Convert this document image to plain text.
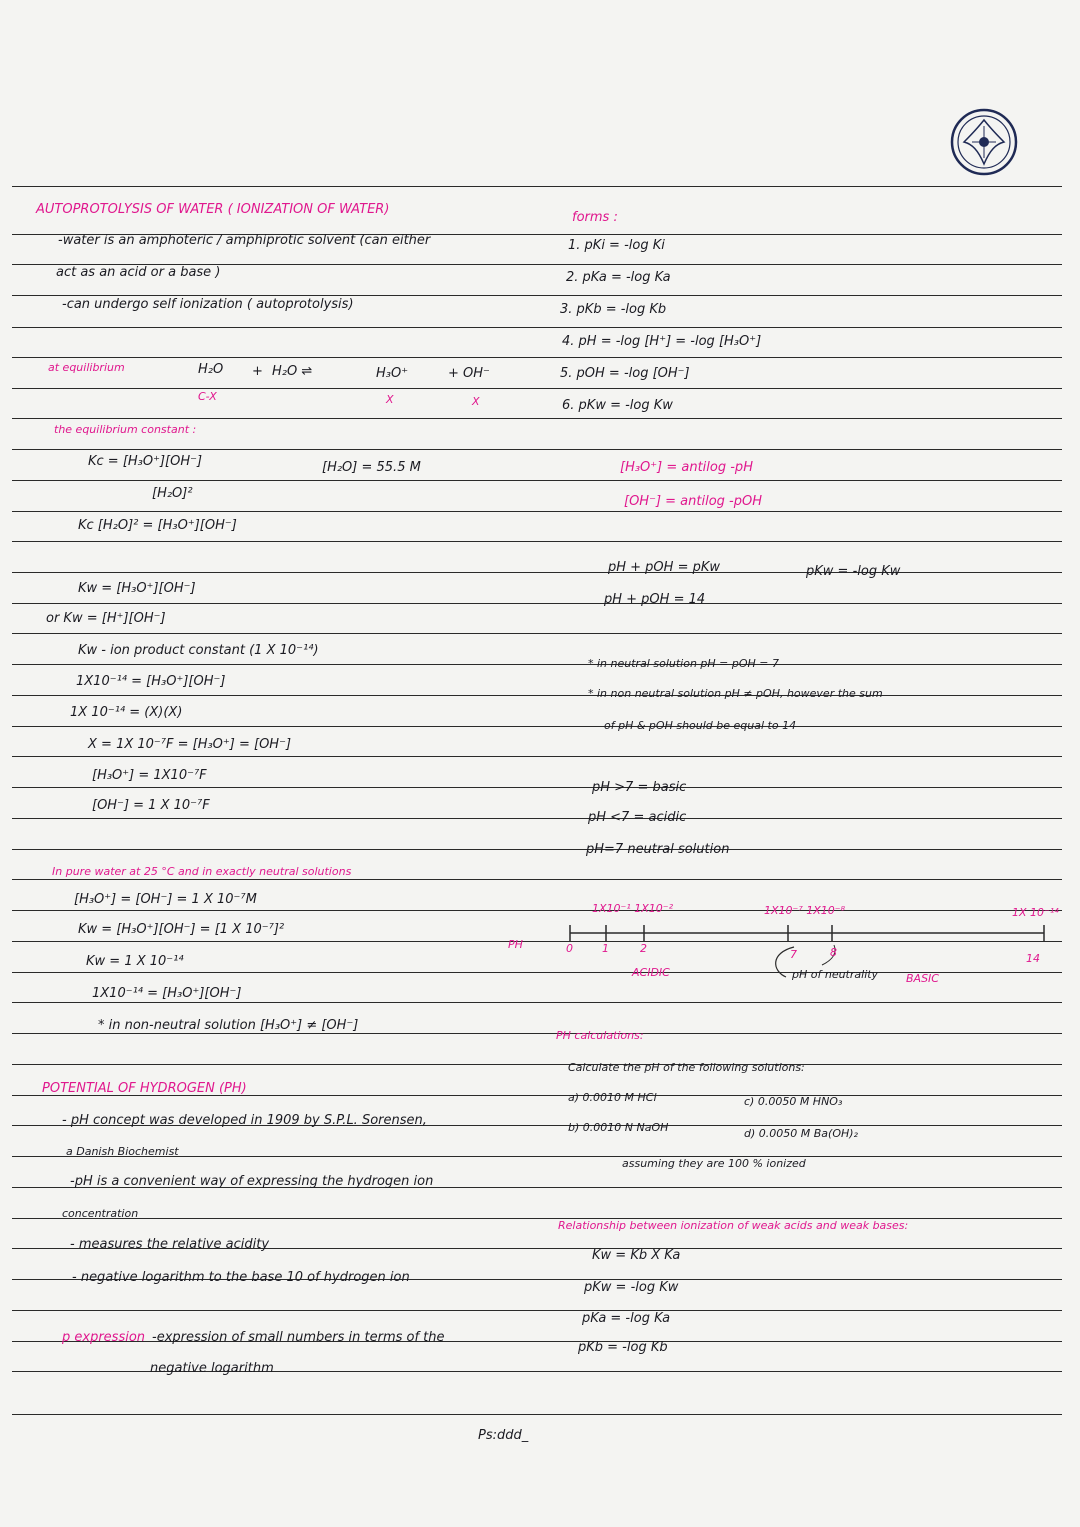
AUTOPROTOLYSIS OF WATER ( IONIZATION OF WATER)
-water is an amphoteric / amphiprotic solvent (can either
act as an acid or a base )
-can undergo self ionization ( autoprotolysis)
at equilibrium	H₂O + H₂O ⇌	H₃O⁺	+ OH⁻
C-X	X	X
the equilibrium constant :
Kc = [H₃O⁺][OH⁻]
[H₂O]²
[H₂O] = 55.5 M
Kc [H₂O]² = [H₃O⁺][OH⁻]
Kw = [H₃O⁺][OH⁻]
or Kw = [H⁺][OH⁻]
Kw - ion product constant (1 X 10⁻¹⁴)
1X10⁻¹⁴ = [H₃O⁺][OH⁻]
1X 10⁻¹⁴ = (X)(X)
X = 1X 10⁻⁷F = [H₃O⁺] = [OH⁻]
[H₃O⁺] = 1X10⁻⁷F
[OH⁻] = 1 X 10⁻⁷F
In pure water at 25 °C and in exactly neutral solutions
[H₃O⁺] = [OH⁻] = 1 X 10⁻⁷M
Kw = [H₃O⁺][OH⁻] = [1 X 10⁻⁷]²
Kw = 1 X 10⁻¹⁴
1X10⁻¹⁴ = [H₃O⁺][OH⁻]
* in non-neutral solution [H₃O⁺] ≠ [OH⁻]
POTENTIAL OF HYDROGEN (PH)
- pH concept was developed in 1909 by S.P.L. Sorensen,
a Danish Biochemist
-pH is a convenient way of expressing the hydrogen ion
concentration
- measures the relative acidity
- negative logarithm to the base 10 of hydrogen ion
p expression -expression of small numbers in terms of the
negative logarithm
forms :
1. pKi = -log Ki
2. pKa = -log Ka
3. pKb = -log Kb
4. pH = -log [H⁺] = -log [H₃O⁺]
5. pOH = -log [OH⁻]
6. pKw = -log Kw
[H₃O⁺] = antilog -pH
[OH⁻] = antilog -pOH
pH + pOH = pKw	pKw = -log Kw
pH + pOH = 14
* in neutral solution pH = pOH = 7
* in non neutral solution pH ≠ pOH, however the sum
of pH & pOH should be equal to 14
pH >7 = basic
pH <7 = acidic
pH=7 neutral solution
PH
1X10⁻¹ 1X10⁻²	1X10⁻⁷ 1X10⁻⁸	1X 10⁻¹⁴
0	1	2	7	8	14
ACIDIC	pH of neutrality	BASIC
PH calculations:
Calculate the pH of the following solutions:
a) 0.0010 M HCl	c) 0.0050 M HNO₃
b) 0.0010 N NaOH	d) 0.0050 M Ba(OH)₂
assuming they are 100 % ionized
Relationship between ionization of weak acids and weak bases:
Kw = Kb X Ka
pKw = -log Kw
pKa = -log Ka
pKb = -log Kb
Ps:ddd_
